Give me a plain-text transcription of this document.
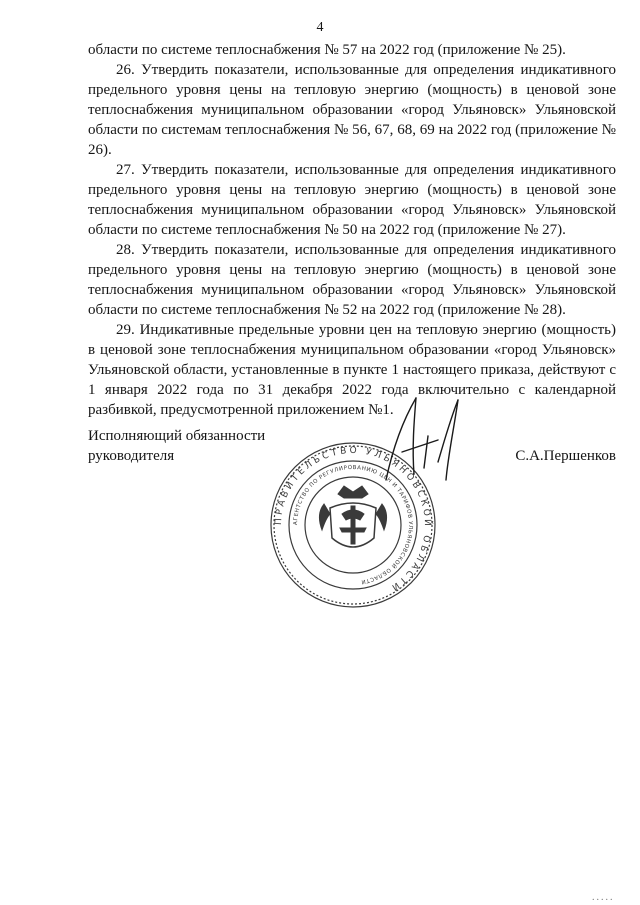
4

области по системе теплоснабжения № 57 на 2022 год (приложение № 25).

26. Утвердить показатели, использованные для определения индикативного предельного уровня цены на тепловую энергию (мощность) в ценовой зоне теплоснабжения муниципальном образовании «город Ульяновск» Ульяновской области по системам теплоснабжения № 56, 67, 68, 69 на 2022 год (приложение № 26).

27. Утвердить показатели, использованные для определения индикативного предельного уровня цены на тепловую энергию (мощность) в ценовой зоне теплоснабжения муниципальном образовании «город Ульяновск» Ульяновской области по системе теплоснабжения № 50 на 2022 год (приложение № 27).

28. Утвердить показатели, использованные для определения индикативного предельного уровня цены на тепловую энергию (мощность) в ценовой зоне теплоснабжения муниципальном образовании «город Ульяновск» Ульяновской области по системе теплоснабжения № 52 на 2022 год (приложение № 28).

29. Индикативные предельные уровни цен на тепловую энергию (мощность) в ценовой зоне теплоснабжения муниципальном образовании «город Ульяновск» Ульяновской области, установленные в пункте 1 настоящего приказа, действуют с 1 января 2022 года по 31 декабря 2022 года включительно с календарной разбивкой, предусмотренной приложением №1.

Исполняющий обязанности
руководителя	С.А.Першенков
ПРАВИТЕЛЬСТВО УЛЬЯНОВСКОЙ ОБЛАСТИ
АГЕНТСТВО ПО РЕГУЛИРОВАНИЮ ЦЕН И ТАРИФОВ УЛЬЯНОВСКОЙ ОБЛАСТИ
.....
